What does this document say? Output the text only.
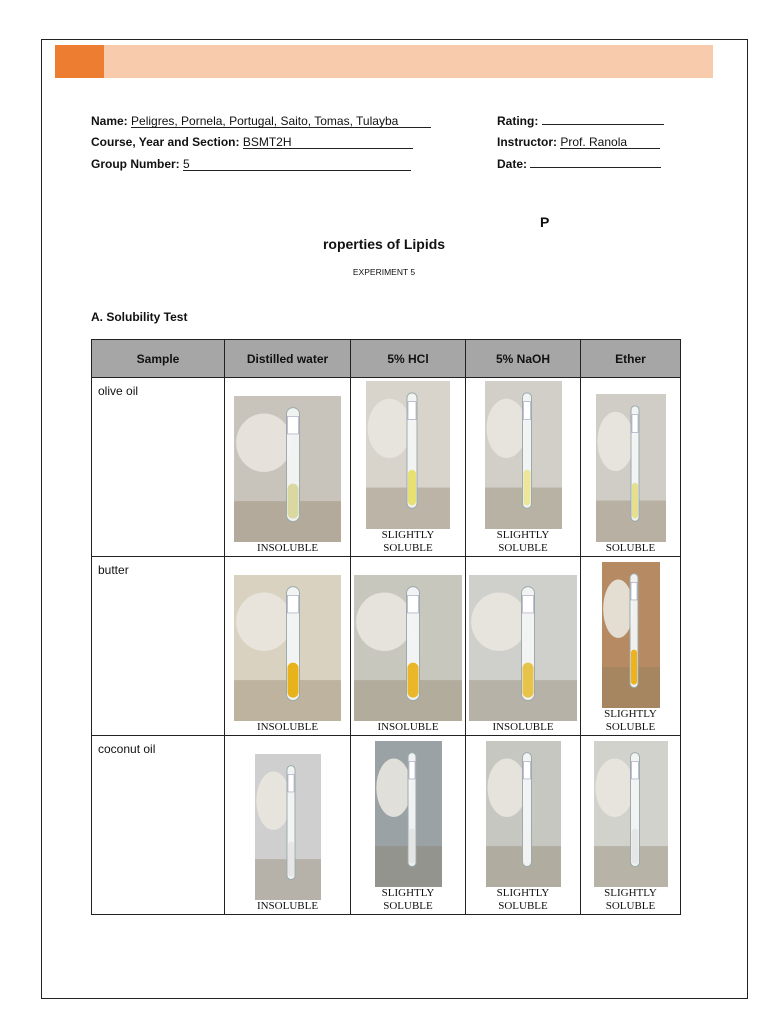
Name: Peligres, Pornela, Portugal, Saito, Tomas, Tulayba
Course, Year and Section: BSMT2H
Group Number: 5
Rating:
Instructor: Prof. Ranola
Date:
P
roperties of Lipids
EXPERIMENT 5
A. Solubility Test
Sample	Distilled water	5% HCl	5% NaOH	Ether
olive oil	INSOLUBLE	SLIGHTLY SOLUBLE	SLIGHTLY SOLUBLE	SOLUBLE

butter	INSOLUBLE	INSOLUBLE	INSOLUBLE	SLIGHTLY SOLUBLE

coconut oil	INSOLUBLE	SLIGHTLY SOLUBLE	SLIGHTLY SOLUBLE	SLIGHTLY SOLUBLE
